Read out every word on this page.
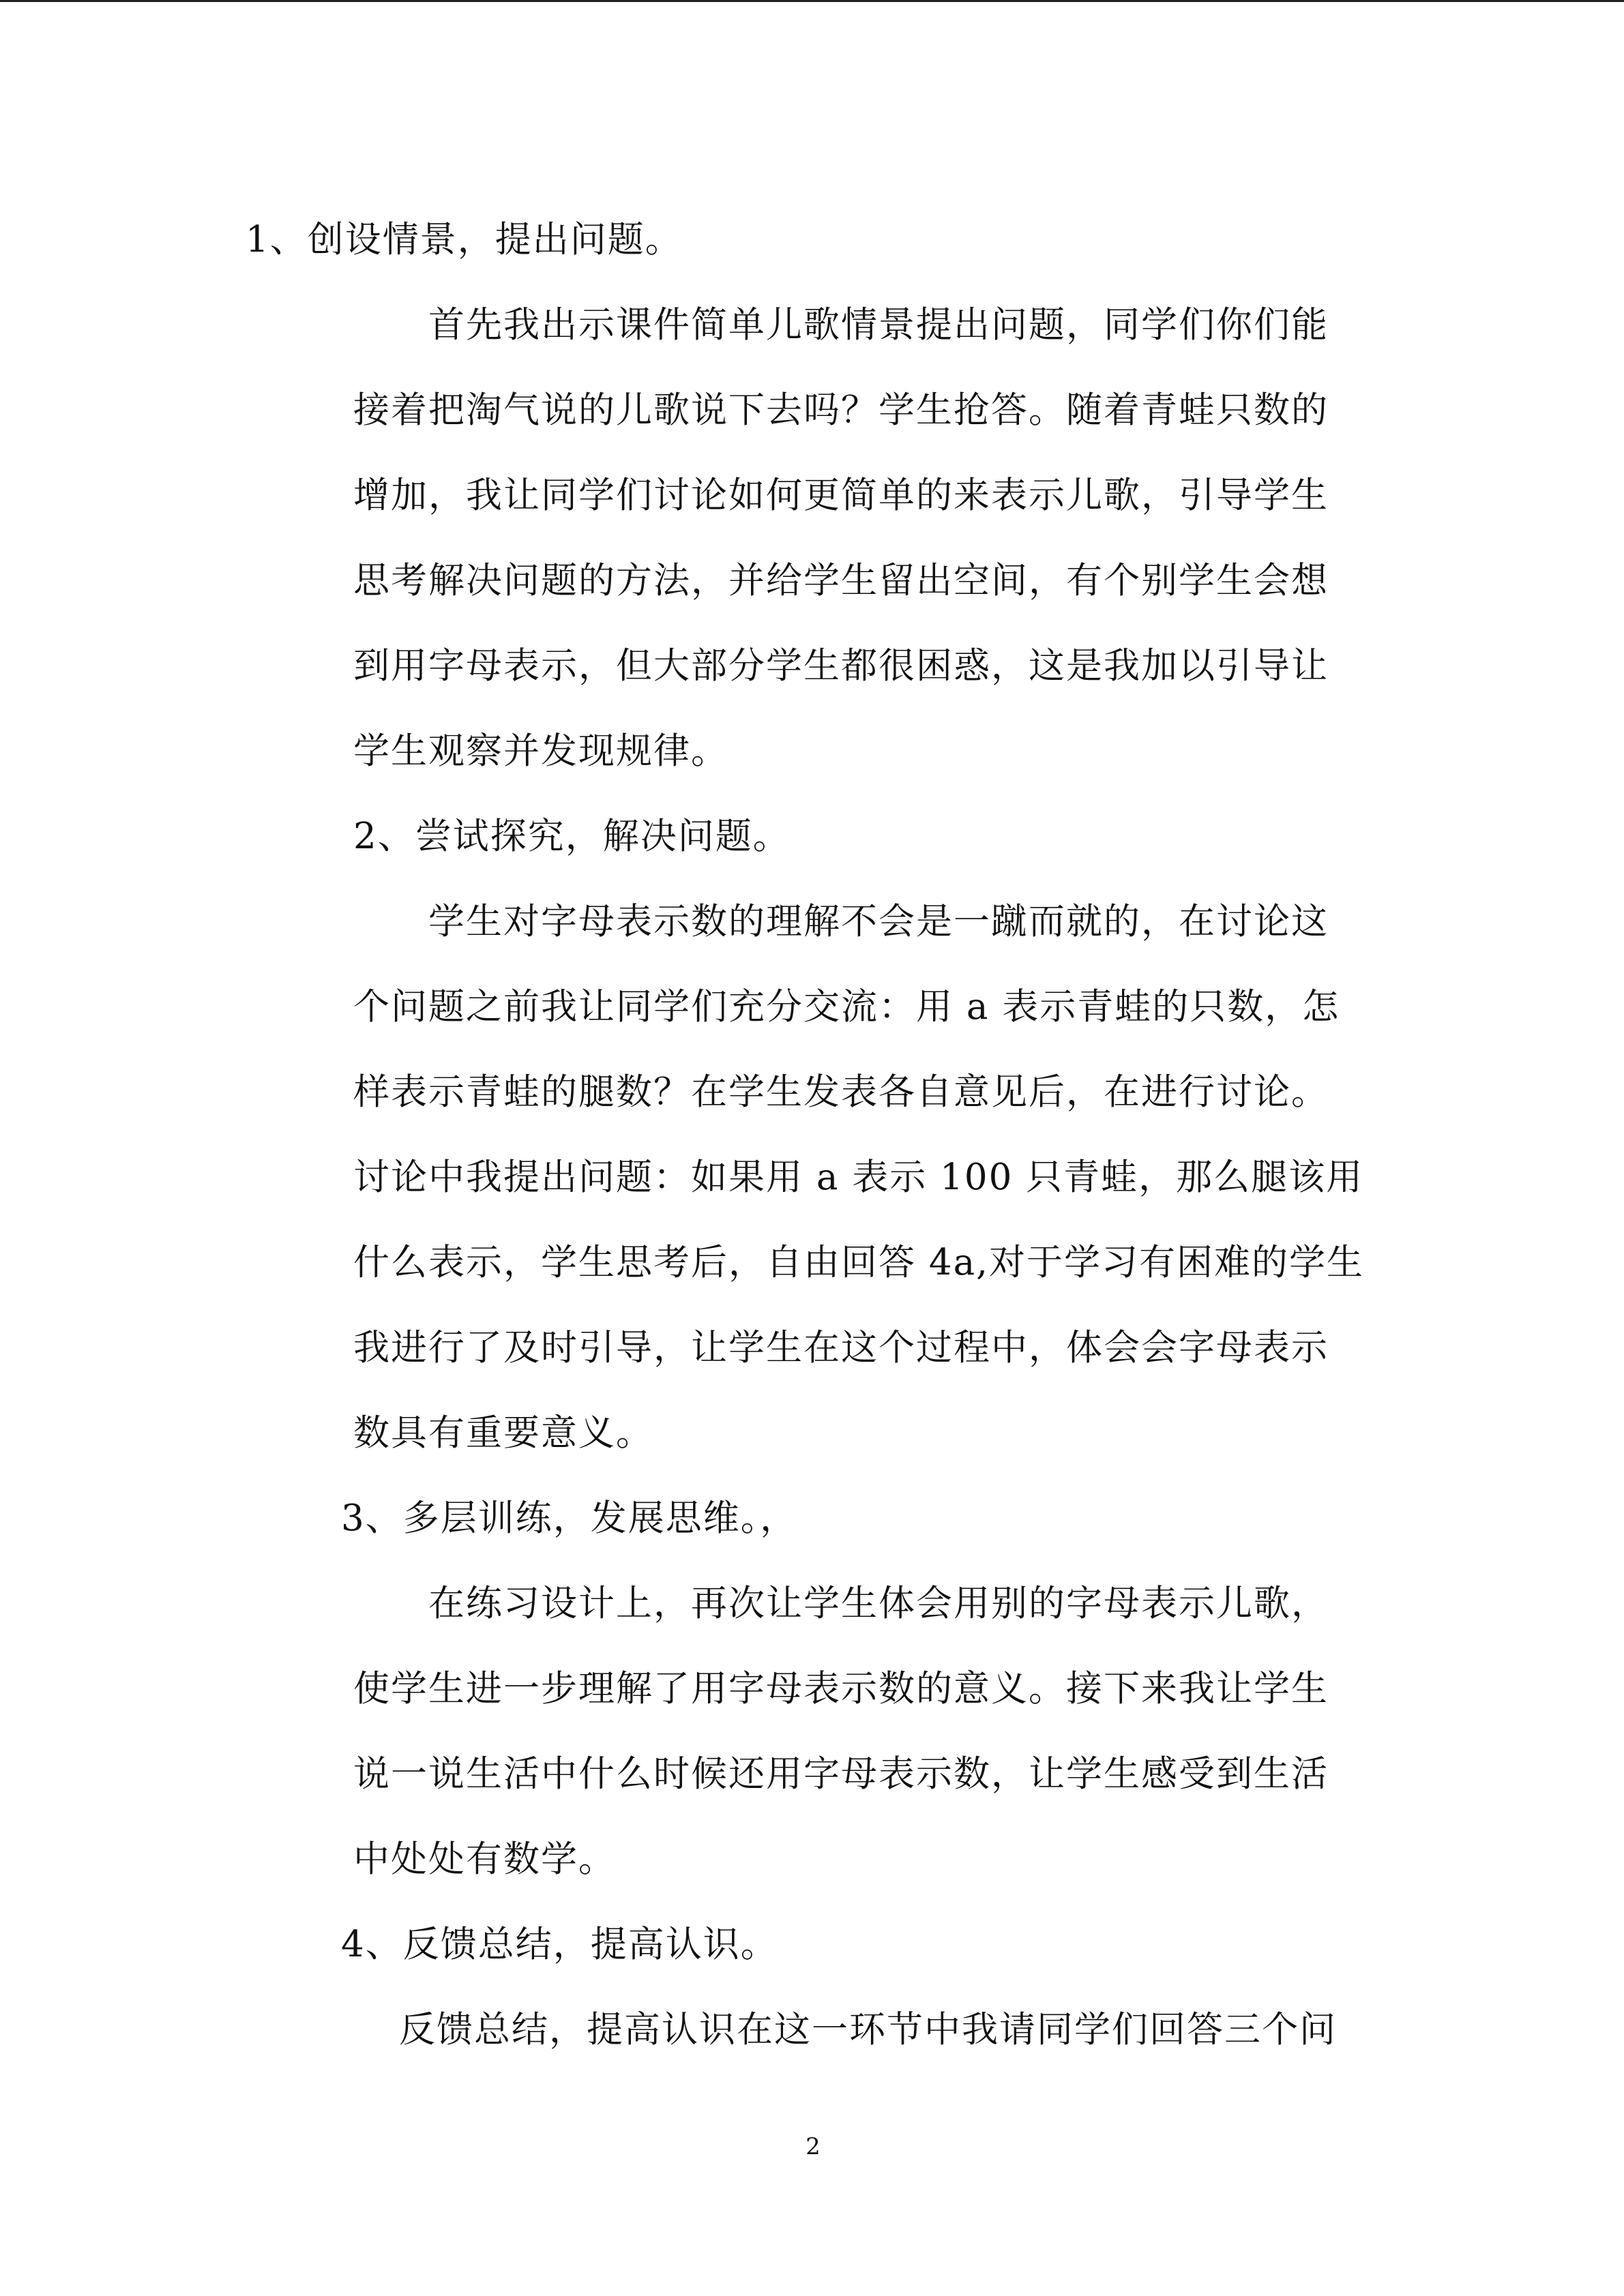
1、创设情景，提出问题。
首先我出示课件简单儿歌情景提出问题，同学们你们能
接着把淘气说的儿歌说下去吗？学生抢答。随着青蛙只数的
增加，我让同学们讨论如何更简单的来表示儿歌，引导学生
思考解决问题的方法，并给学生留出空间，有个别学生会想
到用字母表示，但大部分学生都很困惑，这是我加以引导让
学生观察并发现规律。
2、尝试探究，解决问题。
学生对字母表示数的理解不会是一蹴而就的，在讨论这
个问题之前我让同学们充分交流：用 a 表示青蛙的只数，怎
样表示青蛙的腿数？在学生发表各自意见后，在进行讨论。
讨论中我提出问题：如果用 a 表示 100 只青蛙，那么腿该用
什么表示，学生思考后，自由回答 4a,对于学习有困难的学生
我进行了及时引导，让学生在这个过程中，体会会字母表示
数具有重要意义。
3、多层训练，发展思维。，
在练习设计上，再次让学生体会用别的字母表示儿歌，
使学生进一步理解了用字母表示数的意义。接下来我让学生
说一说生活中什么时候还用字母表示数，让学生感受到生活
中处处有数学。
4、反馈总结，提高认识。
反馈总结，提高认识在这一环节中我请同学们回答三个问
2
